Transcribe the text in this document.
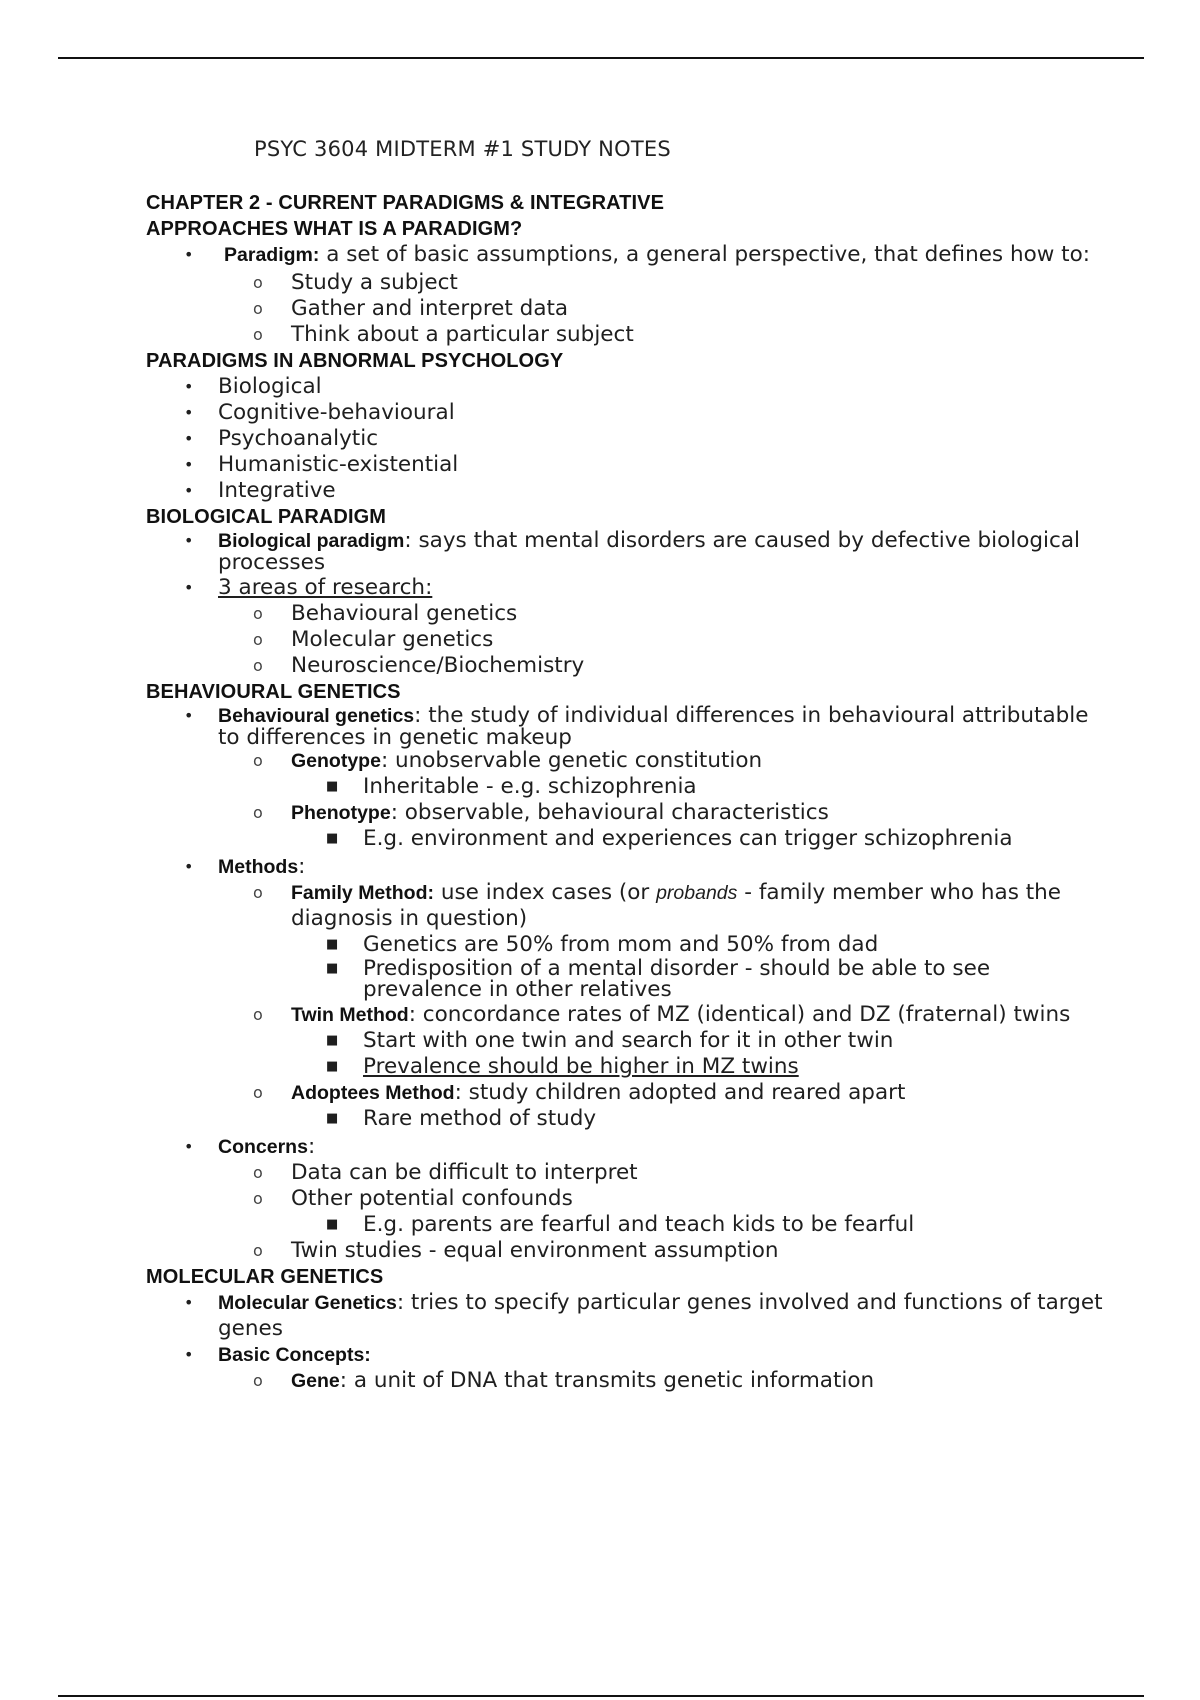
PSYC 3604 MIDTERM #1 STUDY NOTES
CHAPTER 2 - CURRENT PARADIGMS & INTEGRATIVE
APPROACHES WHAT IS A PARADIGM?
• Paradigm: a set of basic assumptions, a general perspective, that defines how to:
o Study a subject
o Gather and interpret data
o Think about a particular subject
PARADIGMS IN ABNORMAL PSYCHOLOGY
• Biological
• Cognitive-behavioural
• Psychoanalytic
• Humanistic-existential
• Integrative
BIOLOGICAL PARADIGM
• Biological paradigm: says that mental disorders are caused by defective biological processes
• 3 areas of research:
o Behavioural genetics
o Molecular genetics
o Neuroscience/Biochemistry
BEHAVIOURAL GENETICS
• Behavioural genetics: the study of individual differences in behavioural attributable to differences in genetic makeup
o Genotype: unobservable genetic constitution
■ Inheritable - e.g. schizophrenia
o Phenotype: observable, behavioural characteristics
■ E.g. environment and experiences can trigger schizophrenia
• Methods:
o Family Method: use index cases (or probands - family member who has the
diagnosis in question)
■ Genetics are 50% from mom and 50% from dad
■ Predisposition of a mental disorder - should be able to see prevalence in other relatives
o Twin Method: concordance rates of MZ (identical) and DZ (fraternal) twins
■ Start with one twin and search for it in other twin
■ Prevalence should be higher in MZ twins
o Adoptees Method: study children adopted and reared apart
■ Rare method of study
• Concerns:
o Data can be difficult to interpret
o Other potential confounds
■ E.g. parents are fearful and teach kids to be fearful
o Twin studies - equal environment assumption
MOLECULAR GENETICS
• Molecular Genetics: tries to specify particular genes involved and functions of target genes
• Basic Concepts:
o Gene: a unit of DNA that transmits genetic information
